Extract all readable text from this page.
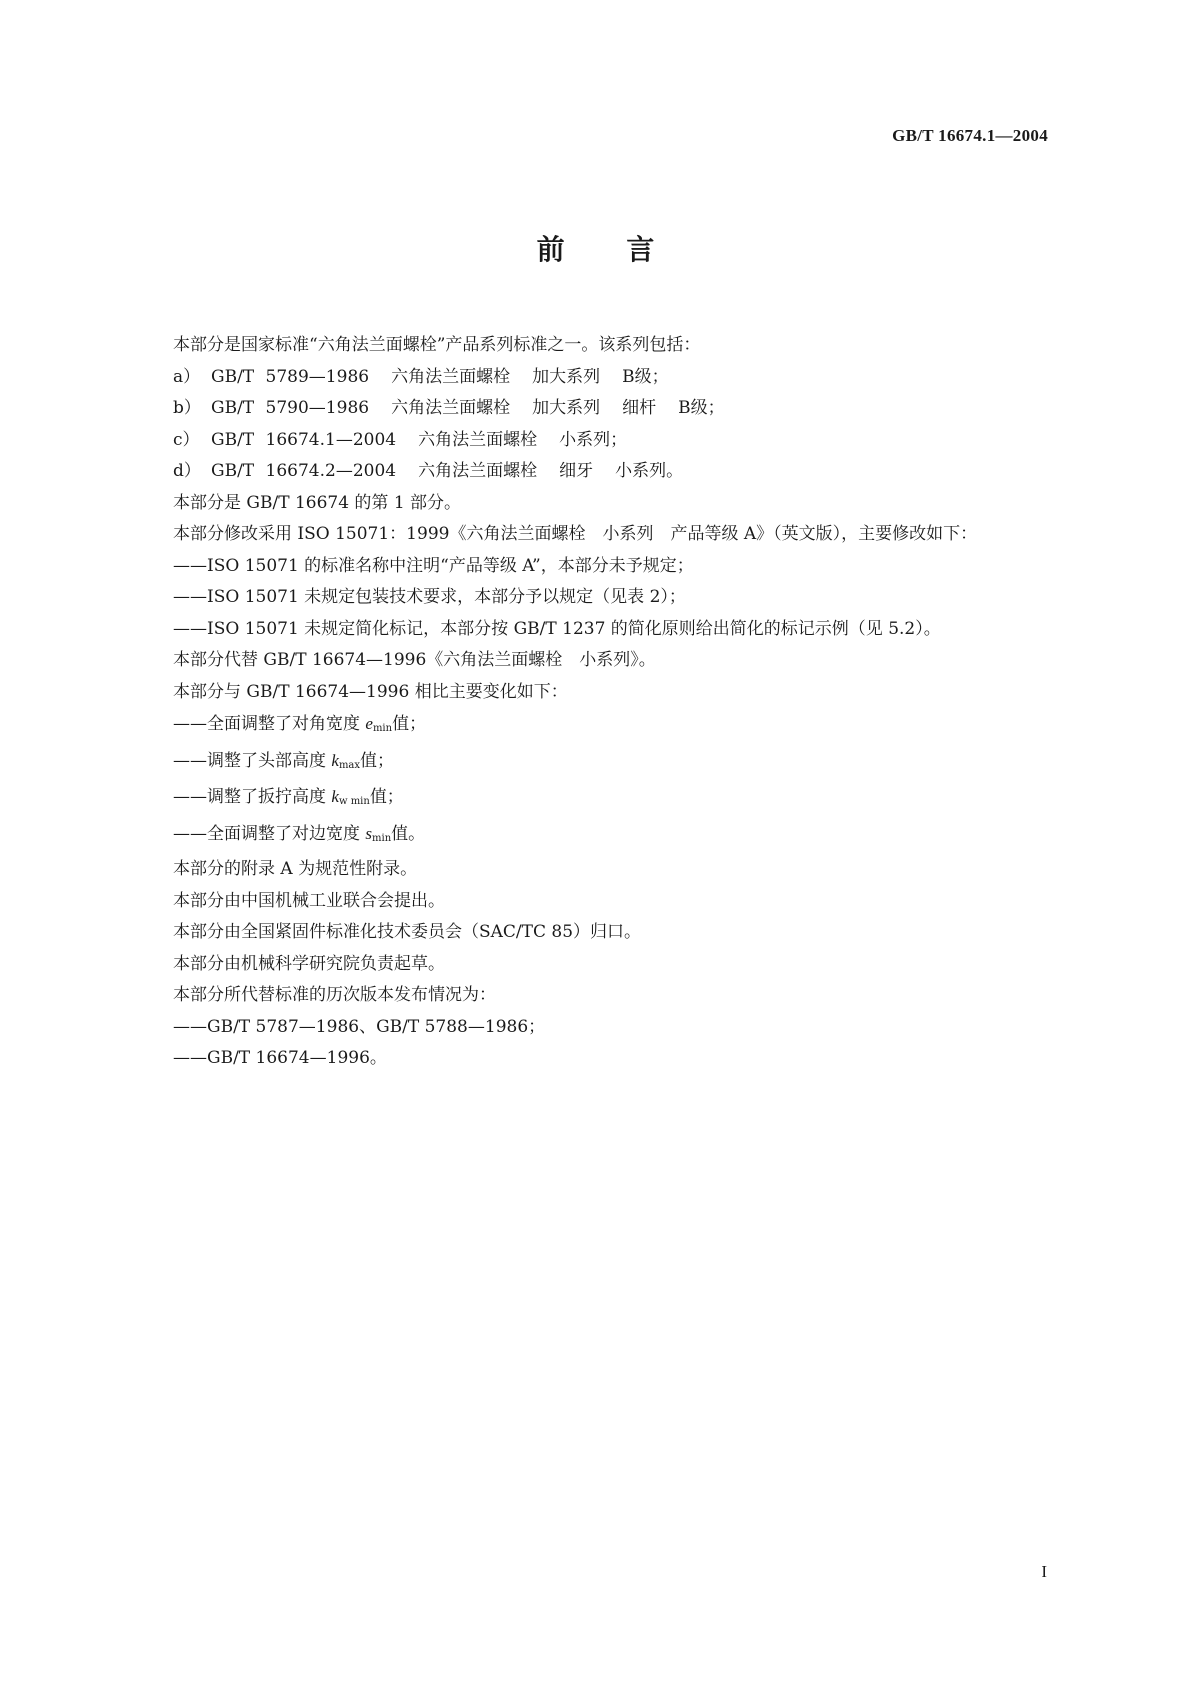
GB/T 16674.1—2004
前 言

本部分是国家标准“六角法兰面螺栓”产品系列标准之一。该系列包括：

a） GB/T 5789—1986 六角法兰面螺栓 加大系列 B级；

b） GB/T 5790—1986 六角法兰面螺栓 加大系列 细杆 B级；

c） GB/T 16674.1—2004 六角法兰面螺栓 小系列；

d） GB/T 16674.2—2004 六角法兰面螺栓 细牙 小系列。

本部分是 GB/T 16674 的第 1 部分。

本部分修改采用 ISO 15071：1999《六角法兰面螺栓　小系列　产品等级 A》（英文版），主要修改如下：

——ISO 15071 的标准名称中注明“产品等级 A”，本部分未予规定；

——ISO 15071 未规定包装技术要求，本部分予以规定（见表 2）；

——ISO 15071 未规定简化标记，本部分按 GB/T 1237 的简化原则给出简化的标记示例（见 5.2）。

本部分代替 GB/T 16674—1996《六角法兰面螺栓　小系列》。

本部分与 GB/T 16674—1996 相比主要变化如下：

——全面调整了对角宽度 $e_{min}$值；

——调整了头部高度 $k_{max}$值；

——调整了扳拧高度 $k_{w min}$值；

——全面调整了对边宽度 $s_{min}$值。

本部分的附录 A 为规范性附录。

本部分由中国机械工业联合会提出。

本部分由全国紧固件标准化技术委员会（SAC/TC 85）归口。

本部分由机械科学研究院负责起草。

本部分所代替标准的历次版本发布情况为：

——GB/T 5787—1986、GB/T 5788—1986；

——GB/T 16674—1996。

I
